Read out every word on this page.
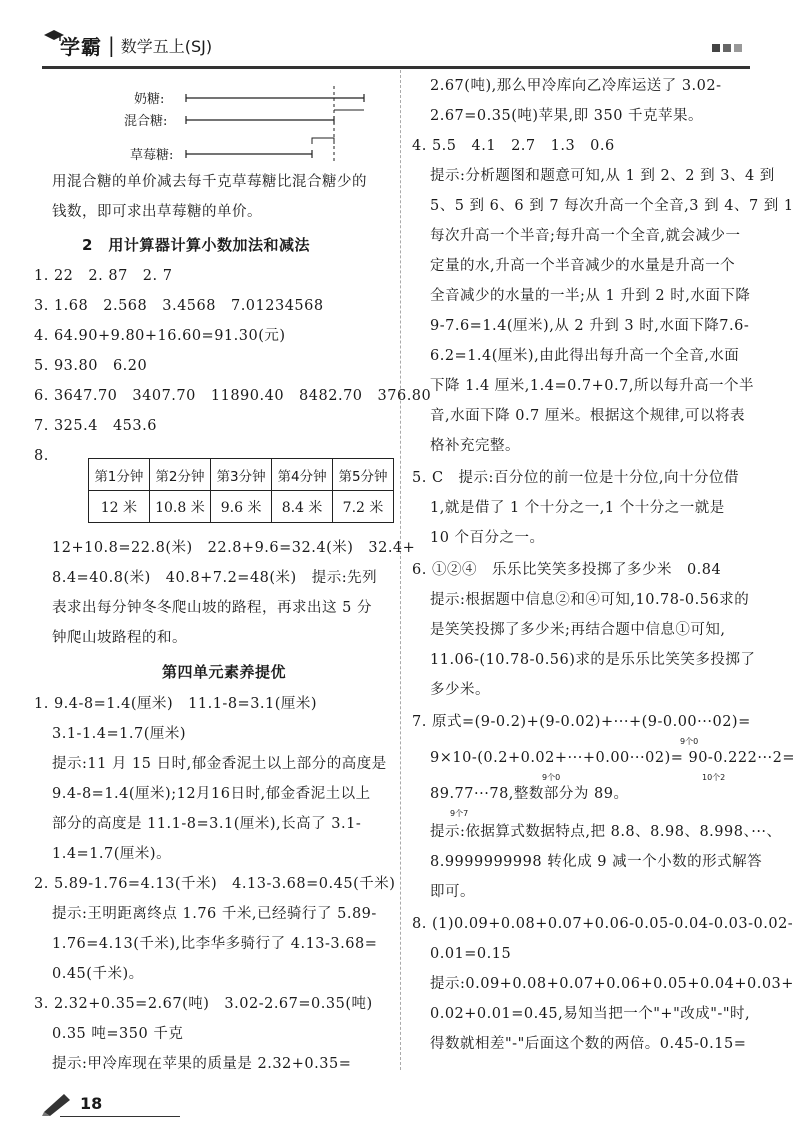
学霸 | 数学五上(SJ)
奶糖:
混合糖:
草莓糖:
用混合糖的单价减去每千克草莓糖比混合糖少的
钱数，即可求出草莓糖的单价。
2　用计算器计算小数加法和减法
1. 22　2. 87　2. 7
3. 1.68　2.568　3.4568　7.01234568
4. 64.90+9.80+16.60=91.30(元)
5. 93.80　6.20
6. 3647.70　3407.70　11890.40　8482.70　376.80
7. 325.4　453.6
8.
第1分钟	第2分钟	第3分钟	第4分钟	第5分钟
12 米	10.8 米	9.6 米	8.4 米	7.2 米
12+10.8=22.8(米)　22.8+9.6=32.4(米)　32.4+
8.4=40.8(米)　40.8+7.2=48(米)　提示:先列
表求出每分钟冬冬爬山坡的路程，再求出这 5 分
钟爬山坡路程的和。
第四单元素养提优
1. 9.4-8=1.4(厘米)　11.1-8=3.1(厘米)
3.1-1.4=1.7(厘米)
提示:11 月 15 日时,郁金香泥土以上部分的高度是
9.4-8=1.4(厘米);12月16日时,郁金香泥土以上
部分的高度是 11.1-8=3.1(厘米),长高了 3.1-
1.4=1.7(厘米)。
2. 5.89-1.76=4.13(千米)　4.13-3.68=0.45(千米)
提示:王明距离终点 1.76 千米,已经骑行了 5.89-
1.76=4.13(千米),比李华多骑行了 4.13-3.68=
0.45(千米)。
3. 2.32+0.35=2.67(吨)　3.02-2.67=0.35(吨)
0.35 吨=350 千克
提示:甲冷库现在苹果的质量是 2.32+0.35=
2.67(吨),那么甲冷库向乙冷库运送了 3.02-
2.67=0.35(吨)苹果,即 350 千克苹果。
4. 5.5　4.1　2.7　1.3　0.6
提示:分析题图和题意可知,从 1 到 2、2 到 3、4 到
5、5 到 6、6 到 7 每次升高一个全音,3 到 4、7 到 1
每次升高一个半音;每升高一个全音,就会减少一
定量的水,升高一个半音减少的水量是升高一个
全音减少的水量的一半;从 1 升到 2 时,水面下降
9-7.6=1.4(厘米),从 2 升到 3 时,水面下降7.6-
6.2=1.4(厘米),由此得出每升高一个全音,水面
下降 1.4 厘米,1.4=0.7+0.7,所以每升高一个半
音,水面下降 0.7 厘米。根据这个规律,可以将表
格补充完整。
5. C　提示:百分位的前一位是十分位,向十分位借
1,就是借了 1 个十分之一,1 个十分之一就是
10 个百分之一。
6. ①②④　乐乐比笑笑多投掷了多少米　0.84
提示:根据题中信息②和④可知,10.78-0.56求的
是笑笑投掷了多少米;再结合题中信息①可知,
11.06-(10.78-0.56)求的是乐乐比笑笑多投掷了
多少米。
7. 原式=(9-0.2)+(9-0.02)+···+(9-0.00···02)=
9个0
9×10-(0.2+0.02+···+0.00···02)= 90-0.222···2=
9个0	10个2
89.77···78,整数部分为 89。
9个7
提示:依据算式数据特点,把 8.8、8.98、8.998、···、
8.9999999998 转化成 9 减一个小数的形式解答
即可。
8. (1)0.09+0.08+0.07+0.06-0.05-0.04-0.03-0.02-
0.01=0.15
提示:0.09+0.08+0.07+0.06+0.05+0.04+0.03+
0.02+0.01=0.45,易知当把一个"+"改成"-"时,
得数就相差"-"后面这个数的两倍。0.45-0.15=
18
